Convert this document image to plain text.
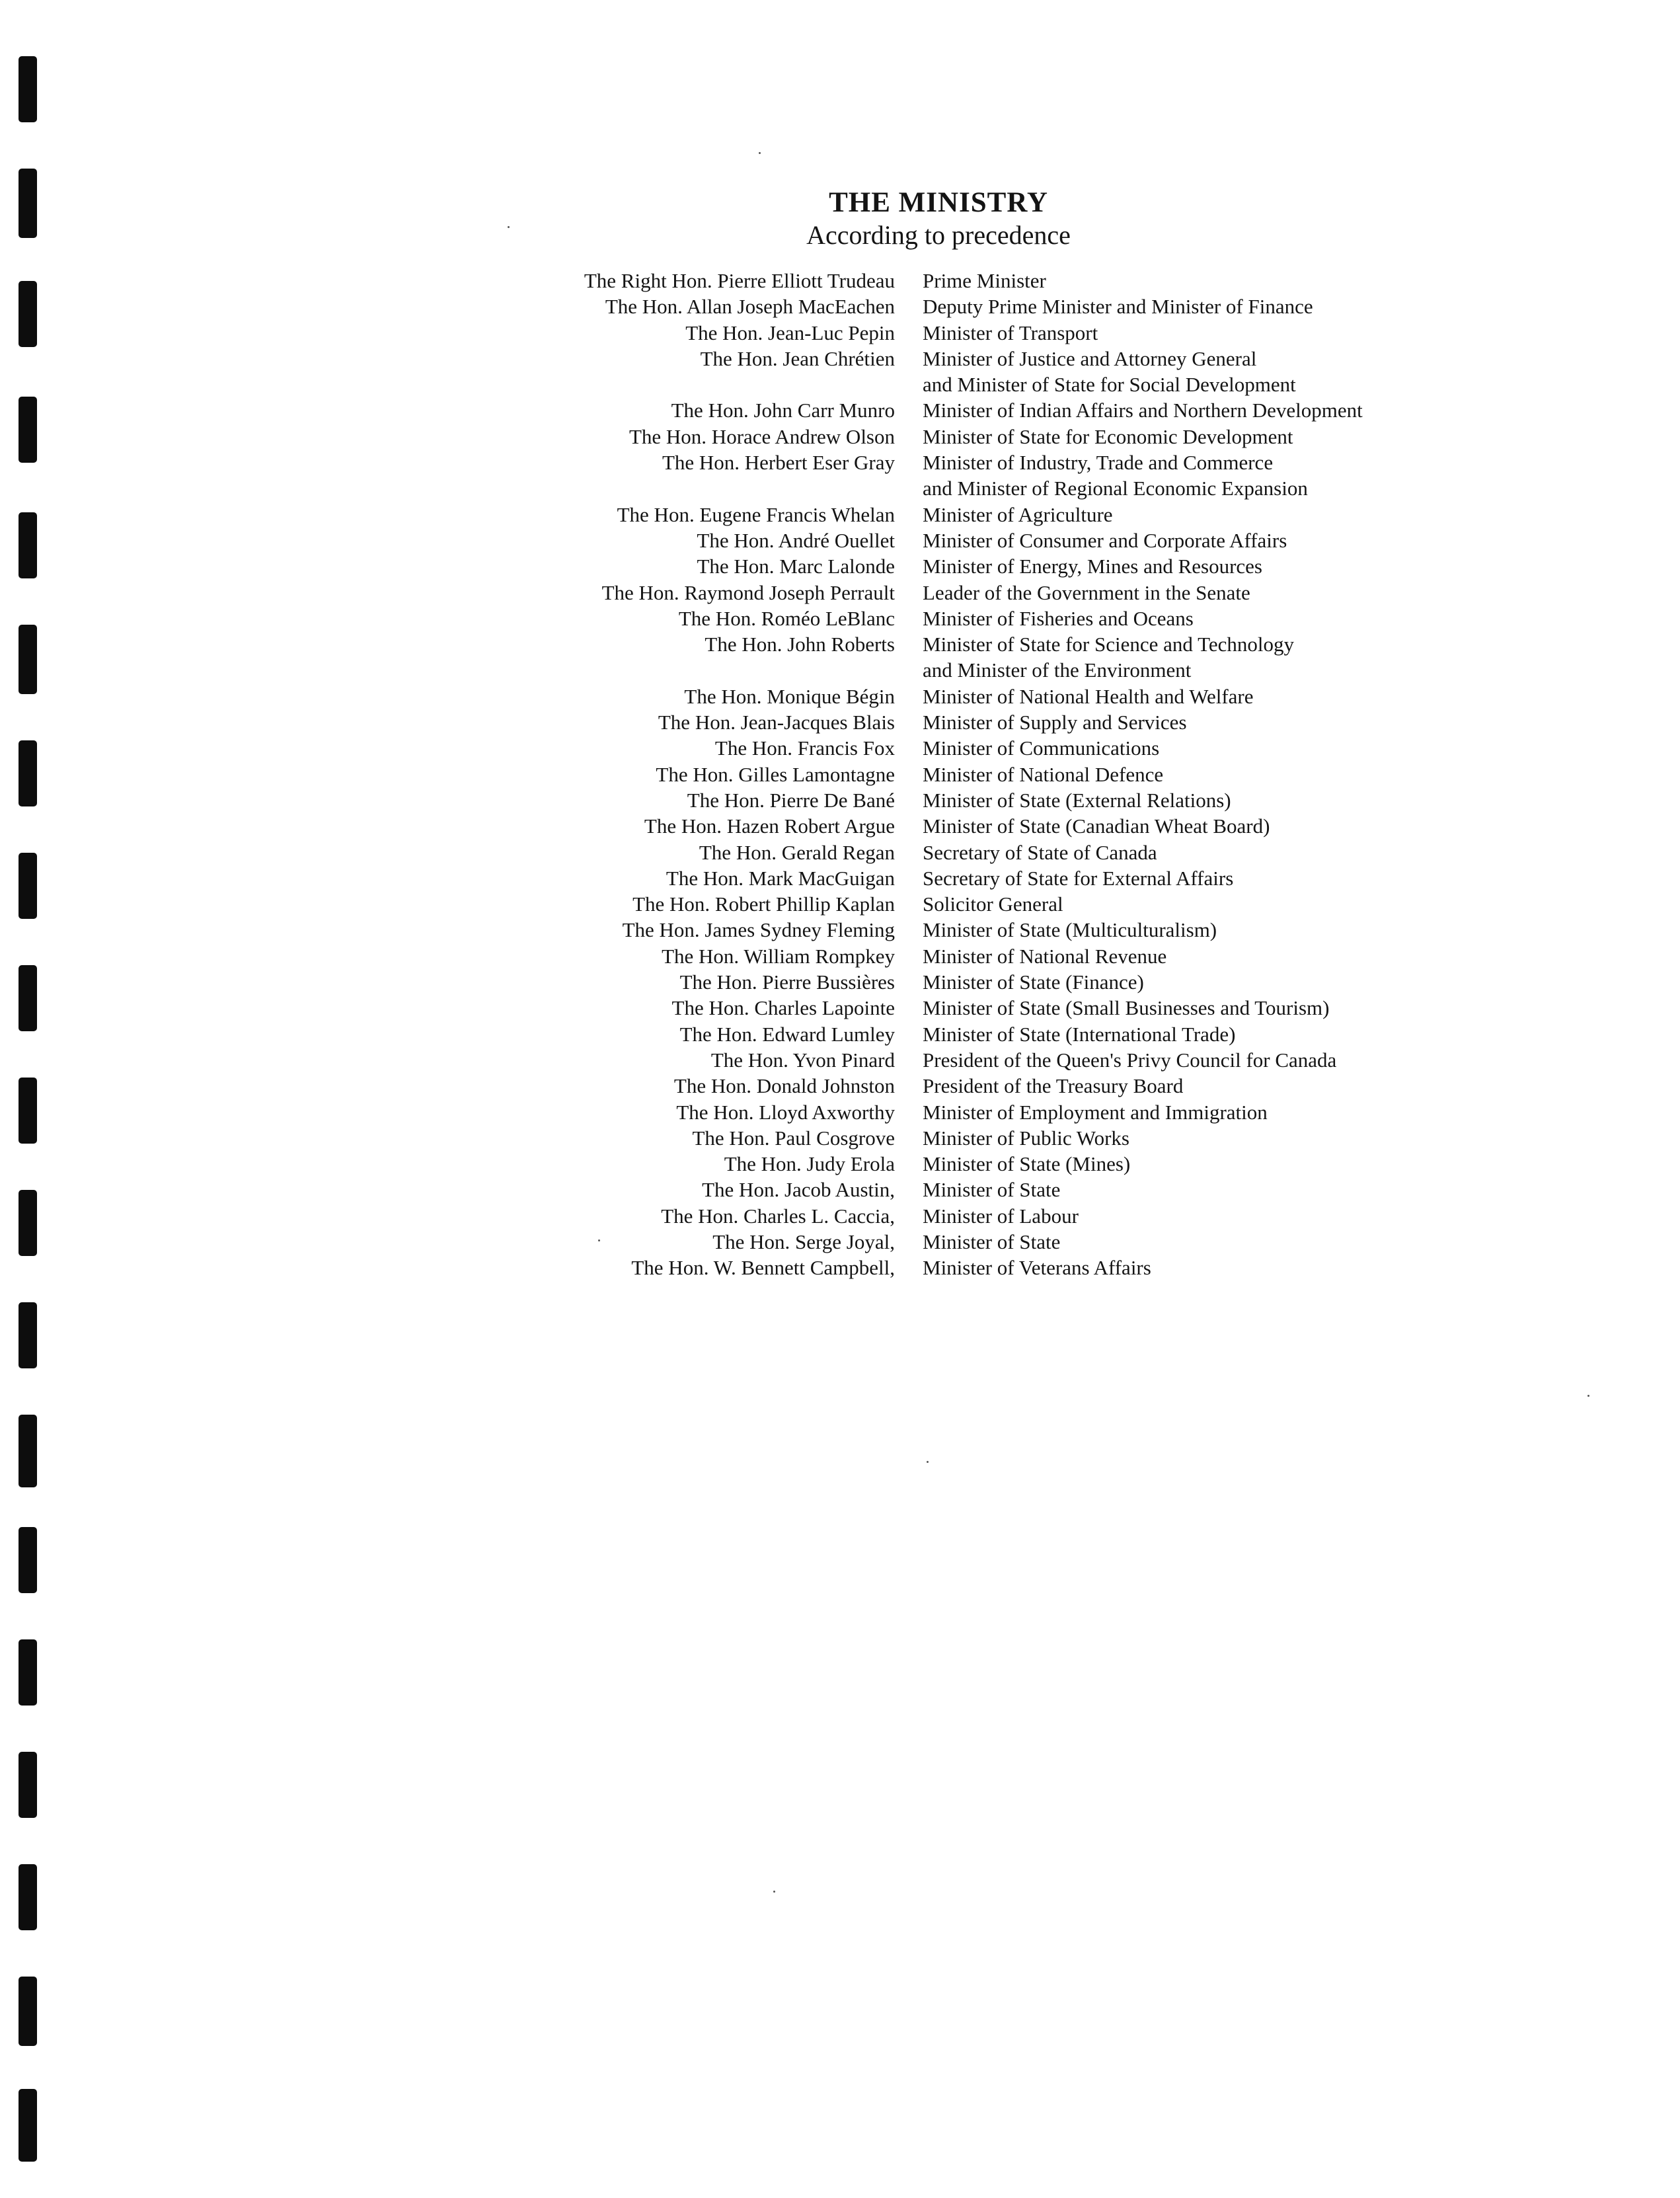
THE MINISTRY
According to precedence
The Right Hon. Pierre Elliott Trudeau Prime Minister
The Hon. Allan Joseph MacEachen Deputy Prime Minister and Minister of Finance
The Hon. Jean-Luc Pepin Minister of Transport
The Hon. Jean Chrétien Minister of Justice and Attorney General
and Minister of State for Social Development
The Hon. John Carr Munro Minister of Indian Affairs and Northern Development
The Hon. Horace Andrew Olson Minister of State for Economic Development
The Hon. Herbert Eser Gray Minister of Industry, Trade and Commerce
and Minister of Regional Economic Expansion
The Hon. Eugene Francis Whelan Minister of Agriculture
The Hon. André Ouellet Minister of Consumer and Corporate Affairs
The Hon. Marc Lalonde Minister of Energy, Mines and Resources
The Hon. Raymond Joseph Perrault Leader of the Government in the Senate
The Hon. Roméo LeBlanc Minister of Fisheries and Oceans
The Hon. John Roberts Minister of State for Science and Technology
and Minister of the Environment
The Hon. Monique Bégin Minister of National Health and Welfare
The Hon. Jean-Jacques Blais Minister of Supply and Services
The Hon. Francis Fox Minister of Communications
The Hon. Gilles Lamontagne Minister of National Defence
The Hon. Pierre De Bané Minister of State (External Relations)
The Hon. Hazen Robert Argue Minister of State (Canadian Wheat Board)
The Hon. Gerald Regan Secretary of State of Canada
The Hon. Mark MacGuigan Secretary of State for External Affairs
The Hon. Robert Phillip Kaplan Solicitor General
The Hon. James Sydney Fleming Minister of State (Multiculturalism)
The Hon. William Rompkey Minister of National Revenue
The Hon. Pierre Bussières Minister of State (Finance)
The Hon. Charles Lapointe Minister of State (Small Businesses and Tourism)
The Hon. Edward Lumley Minister of State (International Trade)
The Hon. Yvon Pinard President of the Queen's Privy Council for Canada
The Hon. Donald Johnston President of the Treasury Board
The Hon. Lloyd Axworthy Minister of Employment and Immigration
The Hon. Paul Cosgrove Minister of Public Works
The Hon. Judy Erola Minister of State (Mines)
The Hon. Jacob Austin, Minister of State
The Hon. Charles L. Caccia, Minister of Labour
The Hon. Serge Joyal, Minister of State
The Hon. W. Bennett Campbell, Minister of Veterans Affairs
